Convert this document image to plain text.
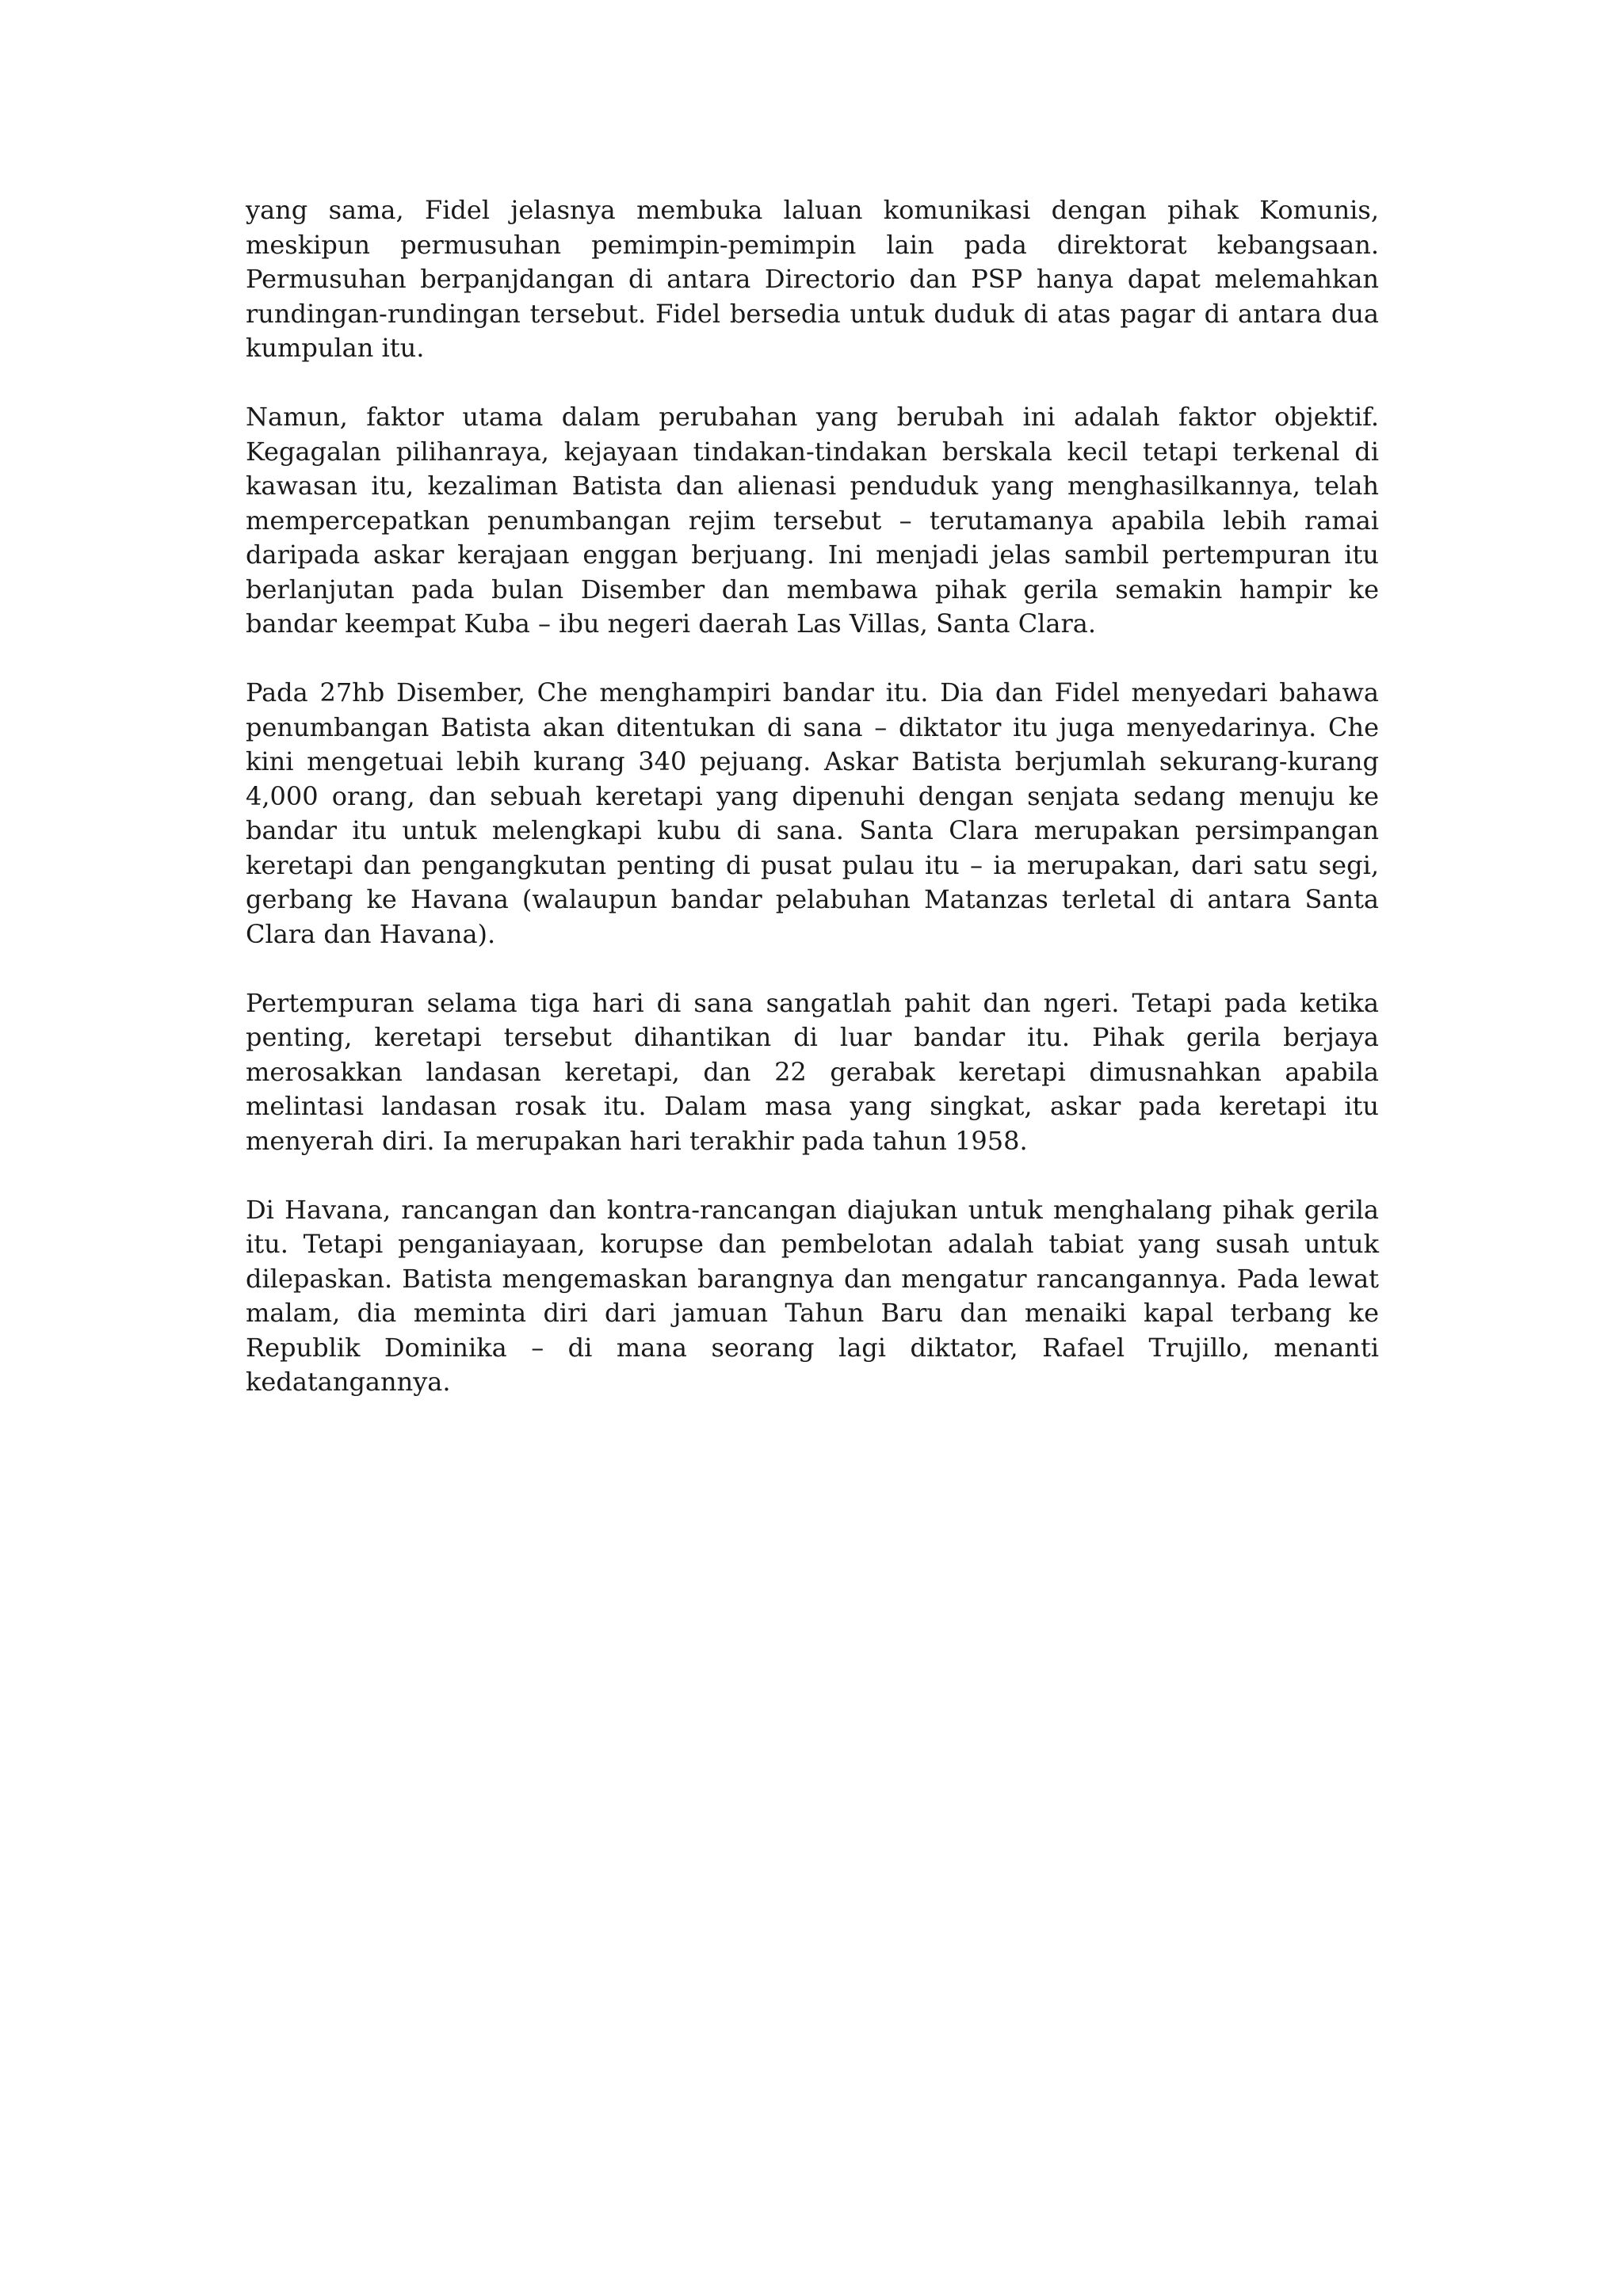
yang sama, Fidel jelasnya membuka laluan komunikasi dengan pihak Komunis, meskipun permusuhan pemimpin-pemimpin lain pada direktorat kebangsaan. Permusuhan berpanjdangan di antara Directorio dan PSP hanya dapat melemahkan rundingan-rundingan tersebut. Fidel bersedia untuk duduk di atas pagar di antara dua kumpulan itu.

Namun, faktor utama dalam perubahan yang berubah ini adalah faktor objektif. Kegagalan pilihanraya, kejayaan tindakan-tindakan berskala kecil tetapi terkenal di kawasan itu, kezaliman Batista dan alienasi penduduk yang menghasilkannya, telah mempercepatkan penumbangan rejim tersebut – terutamanya apabila lebih ramai daripada askar kerajaan enggan berjuang. Ini menjadi jelas sambil pertempuran itu berlanjutan pada bulan Disember dan membawa pihak gerila semakin hampir ke bandar keempat Kuba – ibu negeri daerah Las Villas, Santa Clara.

Pada 27hb Disember, Che menghampiri bandar itu. Dia dan Fidel menyedari bahawa penumbangan Batista akan ditentukan di sana – diktator itu juga menyedarinya. Che kini mengetuai lebih kurang 340 pejuang. Askar Batista berjumlah sekurang-kurang 4,000 orang, dan sebuah keretapi yang dipenuhi dengan senjata sedang menuju ke bandar itu untuk melengkapi kubu di sana. Santa Clara merupakan persimpangan keretapi dan pengangkutan penting di pusat pulau itu – ia merupakan, dari satu segi, gerbang ke Havana (walaupun bandar pelabuhan Matanzas terletal di antara Santa Clara dan Havana).

Pertempuran selama tiga hari di sana sangatlah pahit dan ngeri. Tetapi pada ketika penting, keretapi tersebut dihantikan di luar bandar itu. Pihak gerila berjaya merosakkan landasan keretapi, dan 22 gerabak keretapi dimusnahkan apabila melintasi landasan rosak itu. Dalam masa yang singkat, askar pada keretapi itu menyerah diri. Ia merupakan hari terakhir pada tahun 1958.

Di Havana, rancangan dan kontra-rancangan diajukan untuk menghalang pihak gerila itu. Tetapi penganiayaan, korupse dan pembelotan adalah tabiat yang susah untuk dilepaskan. Batista mengemaskan barangnya dan mengatur rancangannya. Pada lewat malam, dia meminta diri dari jamuan Tahun Baru dan menaiki kapal terbang ke Republik Dominika – di mana seorang lagi diktator, Rafael Trujillo, menanti kedatangannya.
